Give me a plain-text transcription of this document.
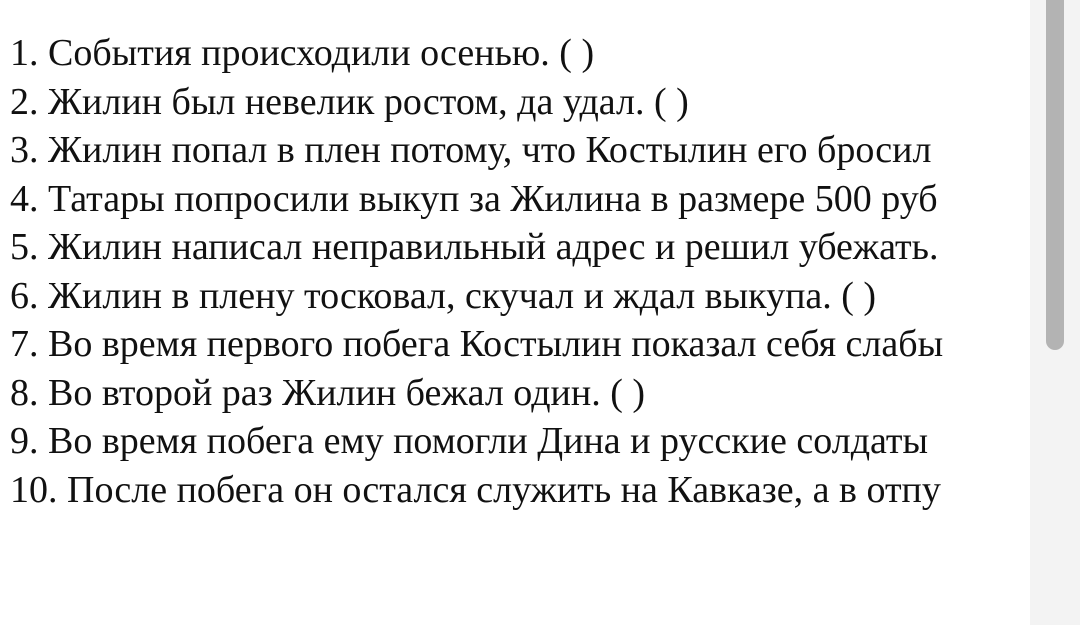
1. События происходили осенью. ( )
2. Жилин был невелик ростом, да удал. ( )
3. Жилин попал в плен потому, что Костылин его бросил
4. Татары попросили выкуп за Жилина в размере 500 руб
5. Жилин написал неправильный адрес и решил убежать.
6. Жилин в плену тосковал, скучал и ждал выкупа. ( )
7. Во время первого побега Костылин показал себя слабы
8. Во второй раз Жилин бежал один. ( )
9. Во время побега ему помогли Дина и русские солдаты
10. После побега он остался служить на Кавказе, а в отпу
